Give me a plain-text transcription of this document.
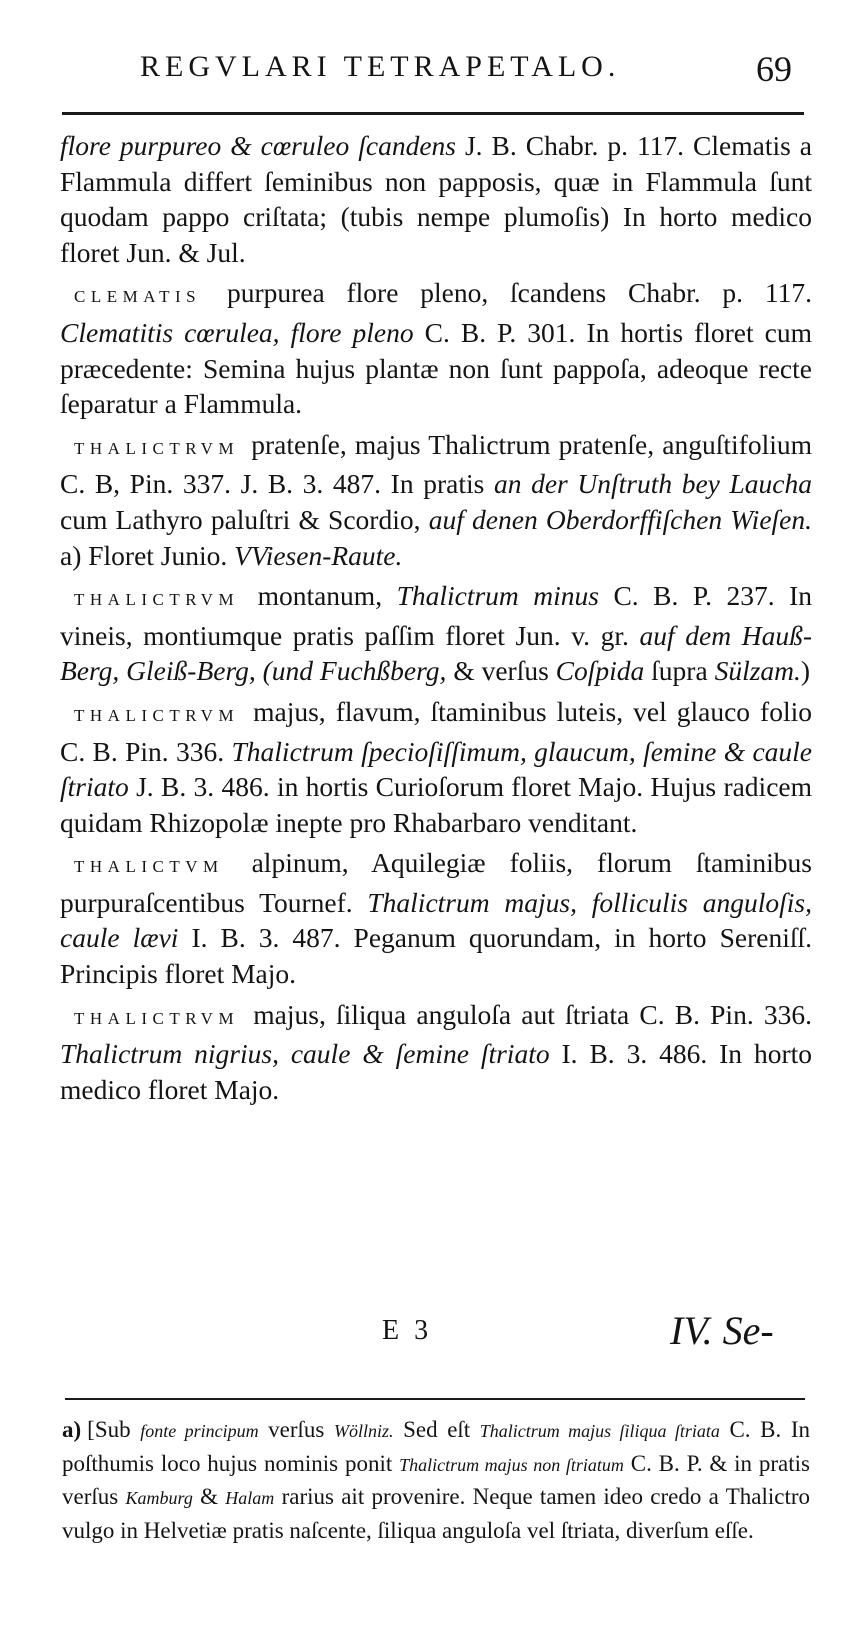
REGVLARI TETRAPETALO.	69

flore purpureo & cœruleo ſcandens J. B. Chabr. p. 117. Clematis a Flammula differt ſeminibus non papposis, quæ in Flammula ſunt quodam pappo criſtata; (tubis nempe plumoſis) In horto medico floret Jun. & Jul.

CLEMATIS purpurea flore pleno, ſcandens Chabr. p. 117. Clematitis cœrulea, flore pleno C. B. P. 301. In hortis floret cum præcedente: Semina hujus plantæ non ſunt pappoſa, adeoque recte ſeparatur a Flammula.

THALICTRVM pratenſe, majus Thalictrum pratenſe, anguſtifolium C. B, Pin. 337. J. B. 3. 487. In pratis an der Unſtruth bey Laucha cum Lathyro paluſtri & Scordio, auf denen Oberdorffiſchen Wieſen. a) Floret Junio. VViesen-Raute.

THALICTRVM montanum, Thalictrum minus C. B. P. 237. In vineis, montiumque pratis paſſim floret Jun. v. gr. auf dem Hauß-Berg, Gleiß-Berg, (und Fuchßberg, & verſus Coſpida ſupra Sülzam.)

THALICTRVM majus, flavum, ſtaminibus luteis, vel glauco folio C. B. Pin. 336. Thalictrum ſpecioſiſſimum, glaucum, ſemine & caule ſtriato J. B. 3. 486. in hortis Curioſorum floret Majo. Hujus radicem quidam Rhizopolæ inepte pro Rhabarbaro venditant.

THALICTVM alpinum, Aquilegiæ foliis, florum ſtaminibus purpuraſcentibus Tournef. Thalictrum majus, folliculis anguloſis, caule lævi I. B. 3. 487. Peganum quorundam, in horto Sereniſſ. Principis floret Majo.

THALICTRVM majus, ſiliqua anguloſa aut ſtriata C. B. Pin. 336. Thalictrum nigrius, caule & ſemine ſtriato I. B. 3. 486. In horto medico floret Majo.

E 3	IV. Se-
a) [Sub fonte principum verſus Wöllniz. Sed eſt Thalictrum majus ſiliqua ſtriata C. B. In poſthumis loco hujus nominis ponit Thalictrum majus non ſtriatum C. B. P. & in pratis verſus Kamburg & Halam rarius ait provenire. Neque tamen ideo credo a Thalictro vulgo in Helvetiæ pratis naſcente, ſiliqua anguloſa vel ſtriata, diverſum eſſe.
